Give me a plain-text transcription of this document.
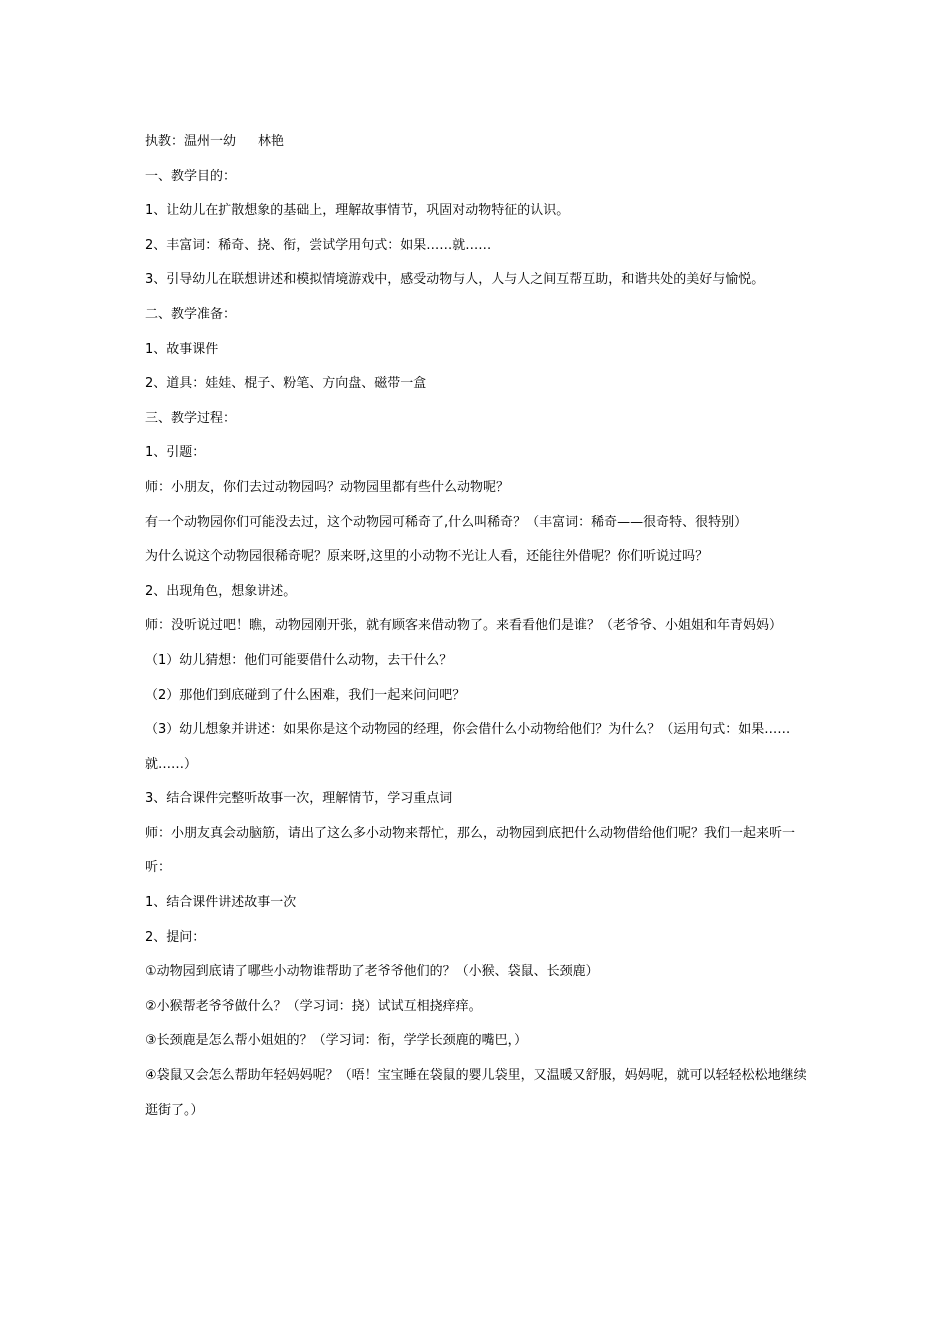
执教：温州一幼 林艳

一、教学目的：

1、让幼儿在扩散想象的基础上，理解故事情节，巩固对动物特征的认识。

2、丰富词：稀奇、挠、衔，尝试学用句式：如果……就……

3、引导幼儿在联想讲述和模拟情境游戏中，感受动物与人，人与人之间互帮互助，和谐共处的美好与愉悦。

二、教学准备：

1、故事课件

2、道具：娃娃、棍子、粉笔、方向盘、磁带一盒

三、教学过程：

1、引题：

师：小朋友，你们去过动物园吗？动物园里都有些什么动物呢？

有一个动物园你们可能没去过，这个动物园可稀奇了,什么叫稀奇？（丰富词：稀奇——很奇特、很特别）

为什么说这个动物园很稀奇呢？原来呀,这里的小动物不光让人看，还能往外借呢？你们听说过吗？

2、出现角色，想象讲述。

师：没听说过吧！瞧，动物园刚开张，就有顾客来借动物了。来看看他们是谁？（老爷爷、小姐姐和年青妈妈）

（1）幼儿猜想：他们可能要借什么动物，去干什么？

（2）那他们到底碰到了什么困难，我们一起来问问吧？

（3）幼儿想象并讲述：如果你是这个动物园的经理，你会借什么小动物给他们？为什么？（运用句式：如果……就……）

3、结合课件完整听故事一次，理解情节，学习重点词

师：小朋友真会动脑筋，请出了这么多小动物来帮忙，那么，动物园到底把什么动物借给他们呢？我们一起来听一听：

1、结合课件讲述故事一次

2、提问：

①动物园到底请了哪些小动物谁帮助了老爷爷他们的？（小猴、袋鼠、长颈鹿）

②小猴帮老爷爷做什么？（学习词：挠）试试互相挠痒痒。

③长颈鹿是怎么帮小姐姐的？（学习词：衔，学学长颈鹿的嘴巴，）

④袋鼠又会怎么帮助年轻妈妈呢？（唔！宝宝睡在袋鼠的婴儿袋里，又温暖又舒服，妈妈呢，就可以轻轻松松地继续逛街了。）
